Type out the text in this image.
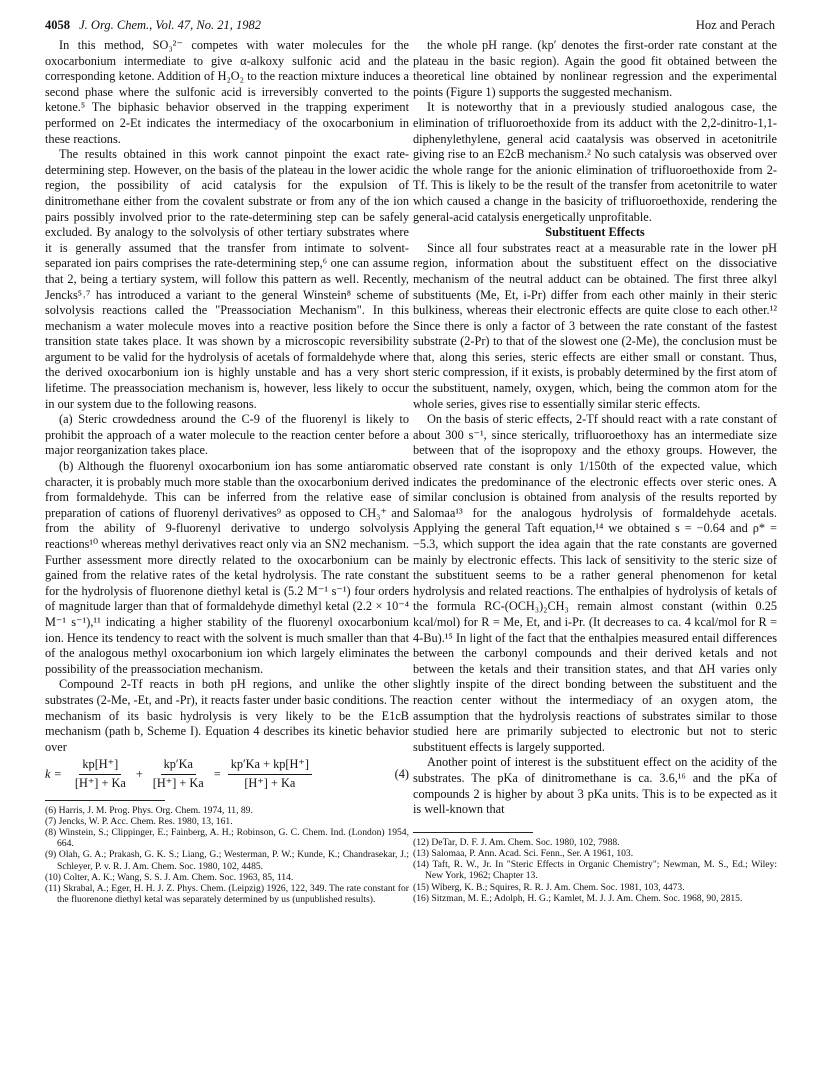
4058 J. Org. Chem., Vol. 47, No. 21, 1982	Hoz and Perach

In this method, SO₃²⁻ competes with water molecules for the oxocarbonium intermediate to give α-alkoxy sulfonic acid and the corresponding ketone. Addition of H₂O₂ to the reaction mixture induces a second phase where the sulfonic acid is irreversibly converted to the ketone.⁵ The biphasic behavior observed in the trapping experiment performed on 2-Et indicates the intermediacy of the oxocarbonium in these reactions.

The results obtained in this work cannot pinpoint the exact rate-determining step. However, on the basis of the plateau in the lower acidic region, the possibility of acid catalysis for the expulsion of dinitromethane either from the covalent substrate or from any of the ion pairs possibly involved prior to the rate-determining step can be safely excluded. By analogy to the solvolysis of other tertiary substrates where it is generally assumed that the transfer from intimate to solvent-separated ion pairs comprises the rate-determining step,⁶ one can assume that 2, being a tertiary system, will follow this pattern as well. Recently, Jencks⁵˒⁷ has introduced a variant to the general Winstein⁸ scheme of solvolysis reactions called the "Preassociation Mechanism". In this mechanism a water molecule moves into a reactive position before the transition state takes place. It was shown by a microscopic reversibility argument to be valid for the hydrolysis of acetals of formaldehyde where the derived oxocarbonium ion is highly unstable and has a very short lifetime. The preassociation mechanism is, however, less likely to occur in our system due to the following reasons.

(a) Steric crowdedness around the C-9 of the fluorenyl is likely to prohibit the approach of a water molecule to the reaction center before a major reorganization takes place.

(b) Although the fluorenyl oxocarbonium ion has some antiaromatic character, it is probably much more stable than the oxocarbonium derived from formaldehyde. This can be inferred from the relative ease of preparation of cations of fluorenyl derivatives⁹ as opposed to CH₃⁺ and from the ability of 9-fluorenyl derivative to undergo solvolysis reactions¹⁰ whereas methyl derivatives react only via an SN2 mechanism. Further assessment more directly related to the oxocarbonium can be gained from the relative rates of the ketal hydrolysis. The rate constant for the hydrolysis of fluorenone diethyl ketal is (5.2 M⁻¹ s⁻¹) four orders of magnitude larger than that of formaldehyde dimethyl ketal (2.2 × 10⁻⁴ M⁻¹ s⁻¹),¹¹ indicating a higher stability of the fluorenyl oxocarbonium ion. Hence its tendency to react with the solvent is much smaller than that of the analogous methyl oxocarbonium ion which largely eliminates the possibility of the preassociation mechanism.

Compound 2-Tf reacts in both pH regions, and unlike the other substrates (2-Me, -Et, and -Pr), it reacts faster under basic conditions. The mechanism of its basic hydrolysis is very likely to be the E1cB mechanism (path b, Scheme I). Equation 4 describes its kinetic behavior over

$k = \frac{kp[H^+]}{[H^+] + Ka} + \frac{kp'Ka}{[H^+] + Ka} = \frac{kp'Ka + kp[H^+]}{[H^+] + Ka}$	(4)

(6) Harris, J. M. Prog. Phys. Org. Chem. 1974, 11, 89.

(7) Jencks, W. P. Acc. Chem. Res. 1980, 13, 161.

(8) Winstein, S.; Clippinger, E.; Fainberg, A. H.; Robinson, G. C. Chem. Ind. (London) 1954, 664.

(9) Olah, G. A.; Prakash, G. K. S.; Liang, G.; Westerman, P. W.; Kunde, K.; Chandrasekar, J.; Schleyer, P. v. R. J. Am. Chem. Soc. 1980, 102, 4485.

(10) Colter, A. K.; Wang, S. S. J. Am. Chem. Soc. 1963, 85, 114.

(11) Skrabal, A.; Eger, H. H. J. Z. Phys. Chem. (Leipzig) 1926, 122, 349. The rate constant for the fluorenone diethyl ketal was separately determined by us (unpublished results).

the whole pH range. (kp′ denotes the first-order rate constant at the plateau in the basic region). Again the good fit obtained between the theoretical line obtained by nonlinear regression and the experimental points (Figure 1) supports the suggested mechanism.

It is noteworthy that in a previously studied analogous case, the elimination of trifluoroethoxide from its adduct with the 2,2-dinitro-1,1-diphenylethylene, general acid caatalysis was observed in acetonitrile giving rise to an E2cB mechanism.² No such catalysis was observed over the whole range for the anionic elimination of trifluoroethoxide from 2-Tf. This is likely to be the result of the transfer from acetonitrile to water which caused a change in the basicity of trifluoroethoxide, rendering the general-acid catalysis energetically unprofitable.

Substituent Effects

Since all four substrates react at a measurable rate in the lower pH region, information about the substituent effect on the dissociative mechanism of the neutral adduct can be obtained. The first three alkyl substituents (Me, Et, i-Pr) differ from each other mainly in their steric bulkiness, whereas their electronic effects are quite close to each other.¹² Since there is only a factor of 3 between the rate constant of the fastest substrate (2-Pr) to that of the slowest one (2-Me), the conclusion must be that, along this series, steric effects are either small or constant. Thus, steric compression, if it exists, is probably determined by the first atom of the substituent, namely, oxygen, which, being the common atom for the whole series, gives rise to essentially similar steric effects.

On the basis of steric effects, 2-Tf should react with a rate constant of about 300 s⁻¹, since sterically, trifluoroethoxy has an intermediate size between that of the isopropoxy and the ethoxy groups. However, the observed rate constant is only 1/150th of the expected value, which indicates the predominance of the electronic effects over steric ones. A similar conclusion is obtained from analysis of the results reported by Salomaa¹³ for the analogous hydrolysis of formaldehyde acetals. Applying the general Taft equation,¹⁴ we obtained s = −0.64 and ρ* = −5.3, which support the idea again that the rate constants are governed mainly by electronic effects. This lack of sensitivity to the steric size of the substituent seems to be a rather general phenomenon for ketal hydrolysis and related reactions. The enthalpies of hydrolysis of ketals of the formula RC-(OCH₃)₂CH₃ remain almost constant (within 0.25 kcal/mol) for R = Me, Et, and i-Pr. (It decreases to ca. 4 kcal/mol for R = 4-Bu).¹⁵ In light of the fact that the enthalpies measured entail differences between the carbonyl compounds and their derived ketals and not between the ketals and their transition states, and that ΔH varies only slightly inspite of the direct bonding between the substituent and the reaction center without the intermediacy of an oxygen atom, the assumption that the hydrolysis reactions of substrates similar to those studied here are primarily subjected to electronic but not to steric substituent effects is largely supported.

Another point of interest is the substituent effect on the acidity of the substrates. The pKa of dinitromethane is ca. 3.6,¹⁶ and the pKa of compounds 2 is higher by about 3 pKa units. This is to be expected as it is well-known that

(12) DeTar, D. F. J. Am. Chem. Soc. 1980, 102, 7988.

(13) Salomaa, P. Ann. Acad. Sci. Fenn., Ser. A 1961, 103.

(14) Taft, R. W., Jr. In "Steric Effects in Organic Chemistry"; Newman, M. S., Ed.; Wiley: New York, 1962; Chapter 13.

(15) Wiberg, K. B.; Squires, R. R. J. Am. Chem. Soc. 1981, 103, 4473.

(16) Sitzman, M. E.; Adolph, H. G.; Kamlet, M. J. J. Am. Chem. Soc. 1968, 90, 2815.
